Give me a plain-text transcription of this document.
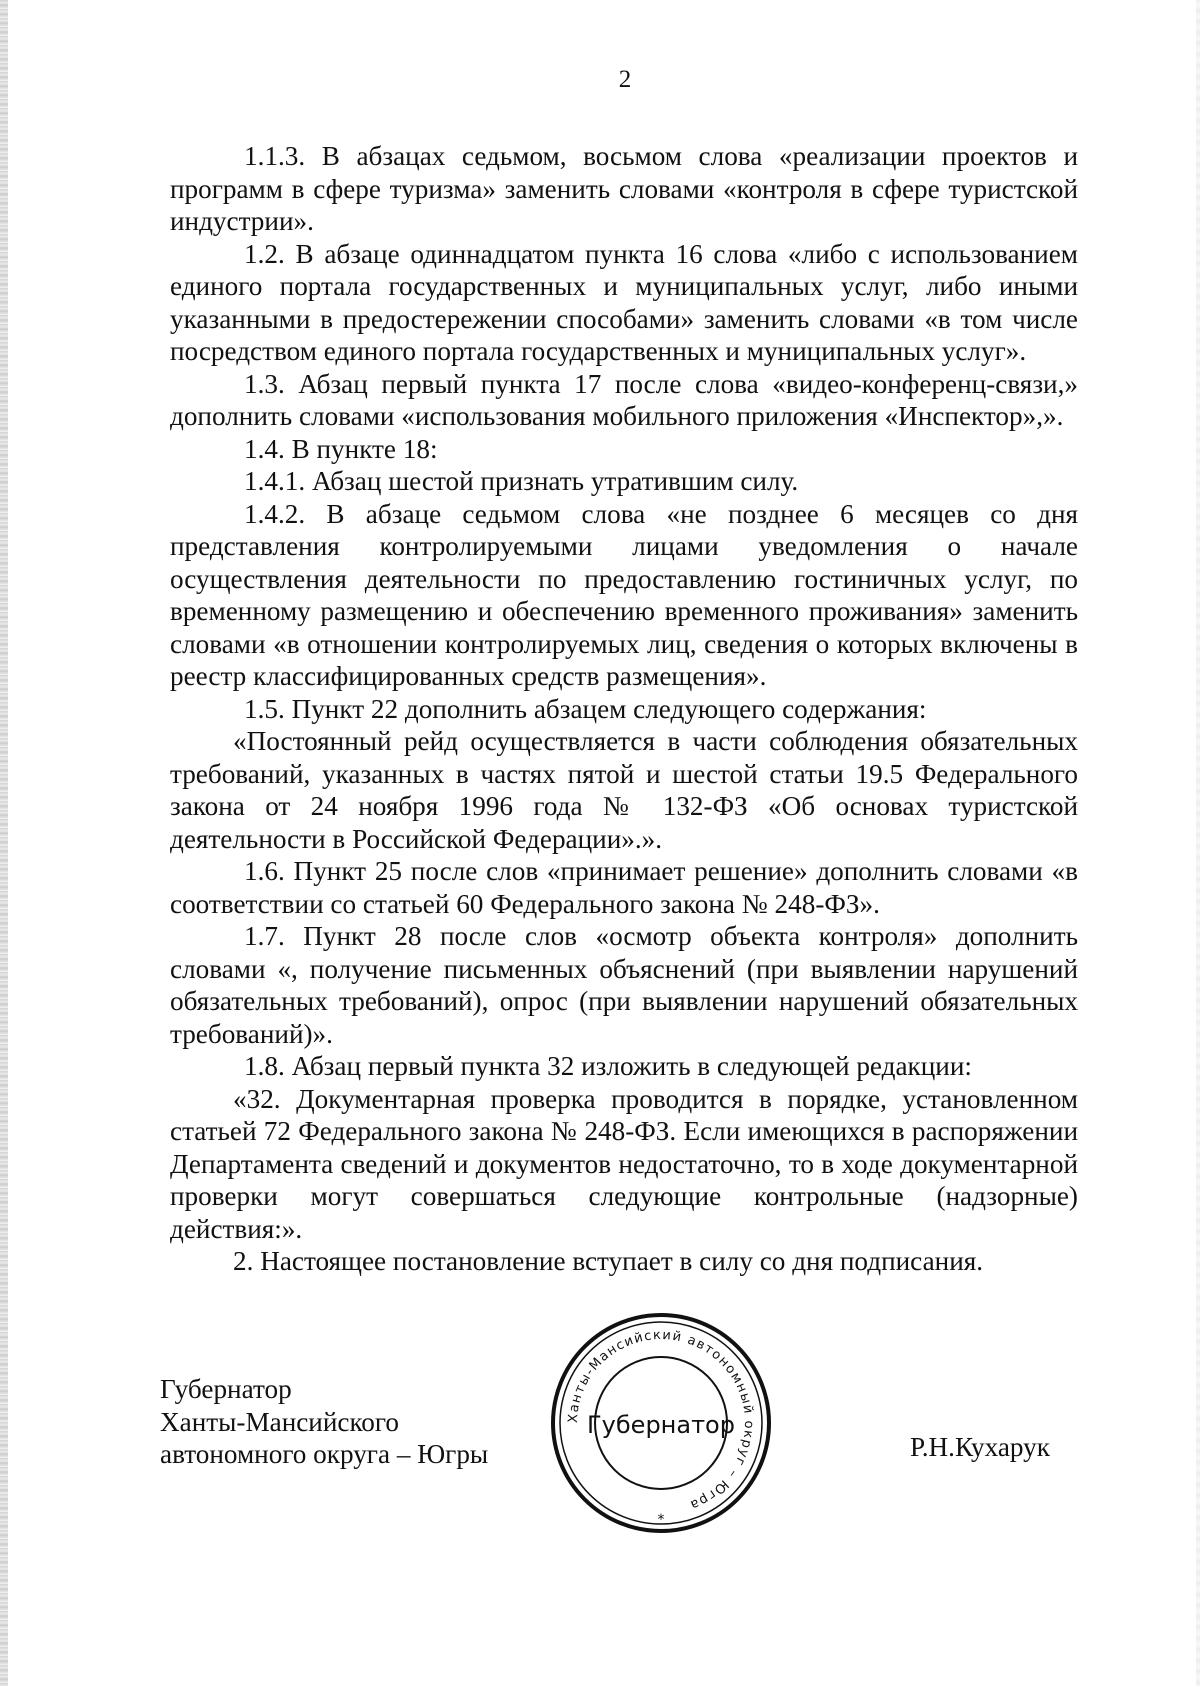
2

1.1.3. В абзацах седьмом, восьмом слова «реализации проектов и программ в сфере туризма» заменить словами «контроля в сфере туристской индустрии».

1.2. В абзаце одиннадцатом пункта 16 слова «либо с использованием единого портала государственных и муниципальных услуг, либо иными указанными в предостережении способами» заменить словами «в том числе посредством единого портала государственных и муниципальных услуг».

1.3. Абзац первый пункта 17 после слова «видео-конференц-связи,» дополнить словами «использования мобильного приложения «Инспектор»,».

1.4. В пункте 18:

1.4.1. Абзац шестой признать утратившим силу.

1.4.2. В абзаце седьмом слова «не позднее 6 месяцев со дня представления контролируемыми лицами уведомления о начале осуществления деятельности по предоставлению гостиничных услуг, по временному размещению и обеспечению временного проживания» заменить словами «в отношении контролируемых лиц, сведения о которых включены в реестр классифицированных средств размещения».

1.5. Пункт 22 дополнить абзацем следующего содержания:

«Постоянный рейд осуществляется в части соблюдения обязательных требований, указанных в частях пятой и шестой статьи 19.5 Федерального закона от 24 ноября 1996 года № 132-ФЗ «Об основах туристской деятельности в Российской Федерации».».

1.6. Пункт 25 после слов «принимает решение» дополнить словами «в соответствии со статьей 60 Федерального закона № 248-ФЗ».

1.7. Пункт 28 после слов «осмотр объекта контроля» дополнить словами «, получение письменных объяснений (при выявлении нарушений обязательных требований), опрос (при выявлении нарушений обязательных требований)».

1.8. Абзац первый пункта 32 изложить в следующей редакции:

«32. Документарная проверка проводится в порядке, установленном статьей 72 Федерального закона № 248-ФЗ. Если имеющихся в распоряжении Департамента сведений и документов недостаточно, то в ходе документарной проверки могут совершаться следующие контрольные (надзорные) действия:».

2. Настоящее постановление вступает в силу со дня подписания.

Губернатор
Ханты-Мансийского
автономного округа – Югры
Ханты-Мансийский автономный округ – Югра
Губернатор
*
Р.Н.Кухарук
